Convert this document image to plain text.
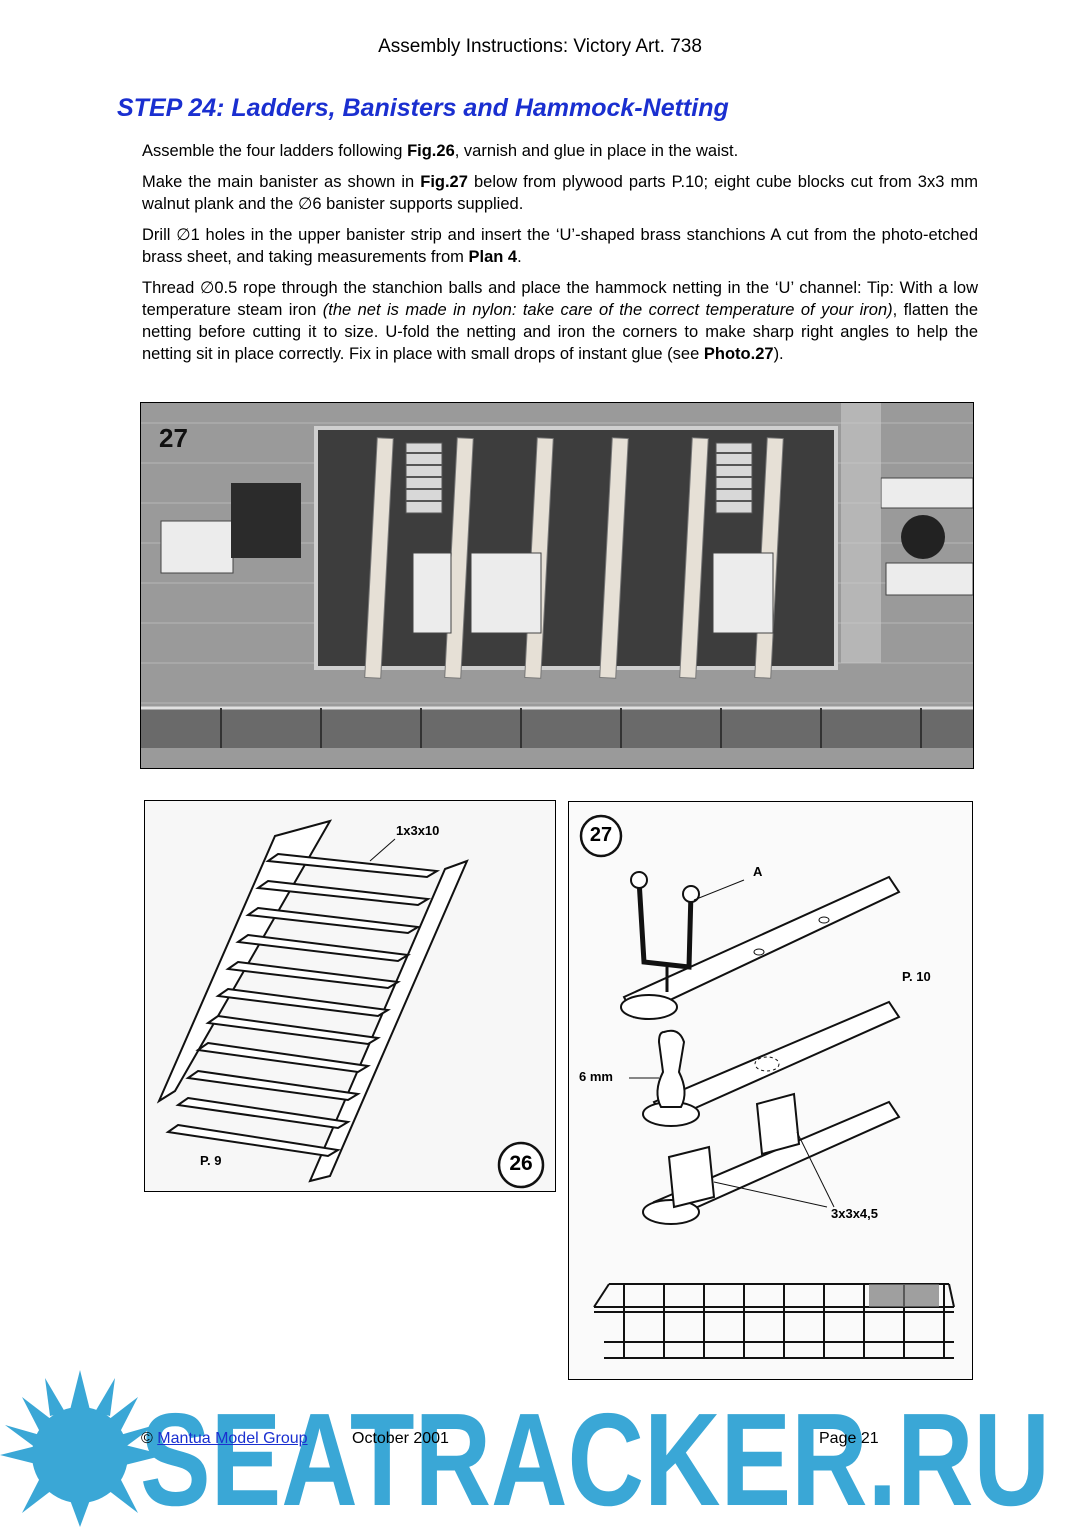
Assembly Instructions: Victory Art. 738
STEP 24: Ladders, Banisters and Hammock-Netting

Assemble the four ladders following Fig.26, varnish and glue in place in the waist.

Make the main banister as shown in Fig.27 below from plywood parts P.10; eight cube blocks cut from 3x3 mm walnut plank and the ∅6 banister supports supplied.

Drill ∅1 holes in the upper banister strip and insert the ‘U’-shaped brass stanchions A cut from the photo-etched brass sheet, and taking measurements from Plan 4.

Thread ∅0.5 rope through the stanchion balls and place the hammock netting in the ‘U’ channel: Tip: With a low temperature steam iron (the net is made in nylon: take care of the correct temperature of your iron), flatten the netting before cutting it to size. U-fold the netting and iron the corners to make sharp right angles to help the netting sit in place correctly. Fix in place with small drops of instant glue (see Photo.27).

27
1x3x10
P. 9	26
27
A
P. 10
6 mm
3x3x4,5
SEATRACKER.RU
© Mantua Model Group	October 2001	Page 21
